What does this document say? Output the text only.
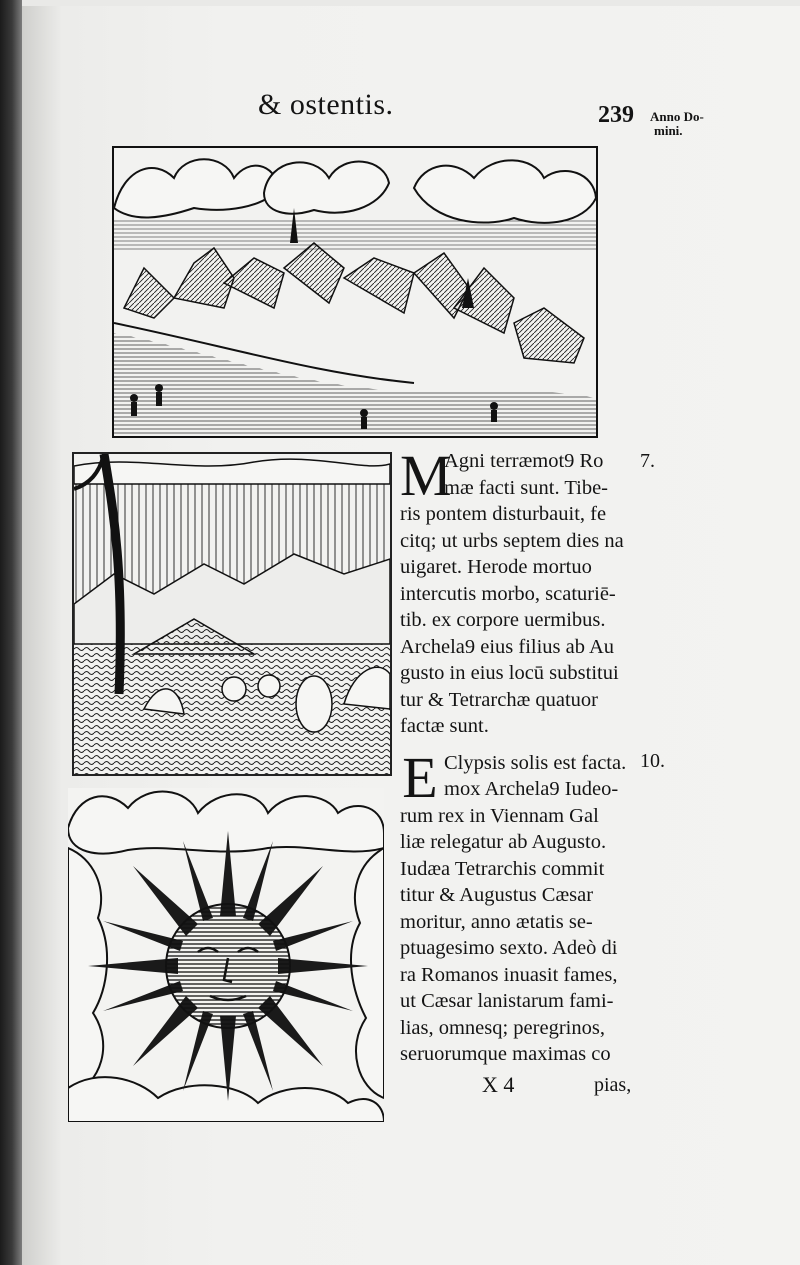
& ostentis.	239 Anno Do-
mini.
M
Agni terræmot9 Ro
mæ facti sunt. Tibe-
ris pontem disturbauit, fe
citq; ut urbs septem dies na
uigaret. Herode mortuo
intercutis morbo, scaturiē-
tib. ex corpore uermibus.
Archela9 eius filius ab Au
gusto in eius locū substitui
tur & Tetrarchæ quatuor
factæ sunt.
E Clypsis solis est facta.
mox Archela9 Iudeo-
rum rex in Viennam Gal
liæ relegatur ab Augusto.
Iudæa Tetrarchis commit
titur & Augustus Cæsar
moritur, anno ætatis se-
ptuagesimo sexto. Adeò di
ra Romanos inuasit fames,
ut Cæsar lanistarum fami-
lias, omnesq; peregrinos,
seruorumque maximas co
7.
10.
X 4	pias,
